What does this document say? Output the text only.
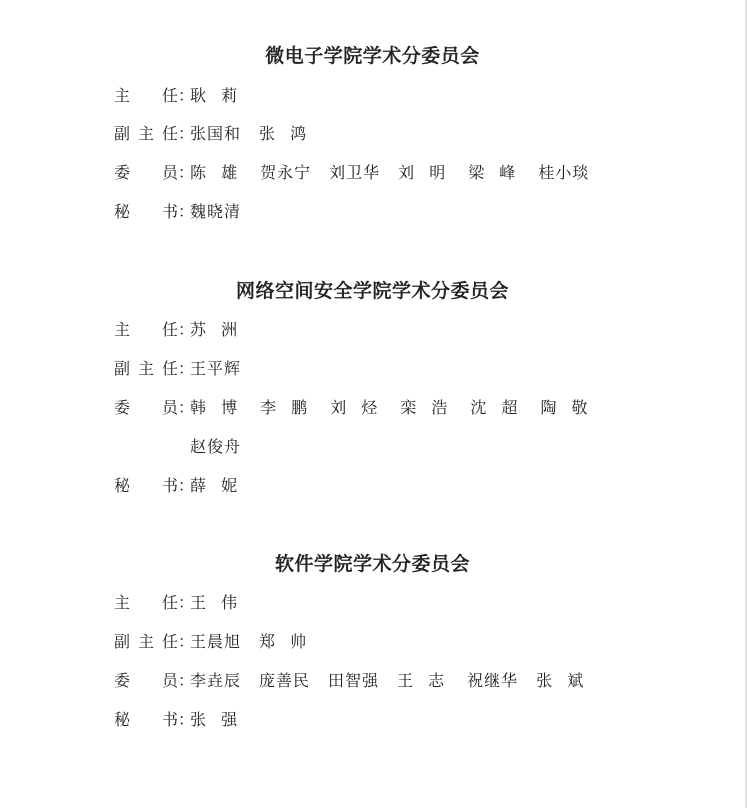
微电子学院学术分委员会
主 任：耿 莉
副主任：张国和 张 鸿
委 员：陈 雄 贺永宁 刘卫华 刘 明 梁 峰 桂小琰
秘 书：魏晓清
网络空间安全学院学术分委员会
主 任：苏 洲
副主任：王平辉
委 员：韩 博 李 鹏 刘 烃 栾 浩 沈 超 陶 敬
赵俊舟
秘 书：薛 妮
软件学院学术分委员会
主 任：王 伟
副主任：王晨旭 郑 帅
委 员：李垚辰 庞善民 田智强 王 志 祝继华 张 斌
秘 书：张 强
